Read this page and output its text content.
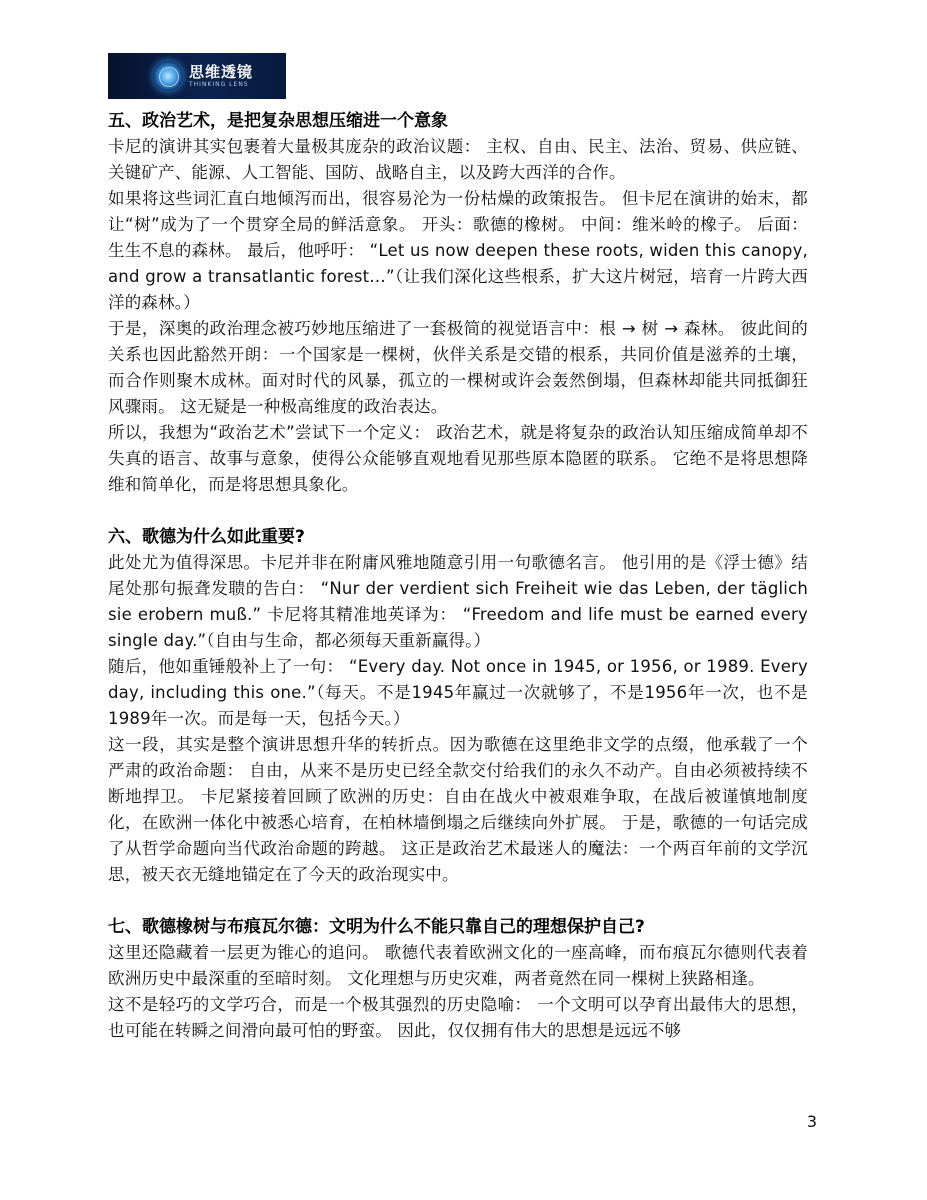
思维透镜
THINKING LENS

五、政治艺术，是把复杂思想压缩进一个意象

卡尼的演讲其实包裹着大量极其庞杂的政治议题： 主权、自由、民主、法治、贸易、供应链、关键矿产、能源、人工智能、国防、战略自主，以及跨大西洋的合作。

如果将这些词汇直白地倾泻而出，很容易沦为一份枯燥的政策报告。 但卡尼在演讲的始末，都让“树”成为了一个贯穿全局的鲜活意象。 开头：歌德的橡树。 中间：维米岭的橡子。 后面：生生不息的森林。 最后，他呼吁： “Let us now deepen these roots, widen this canopy, and grow a transatlantic forest…”（让我们深化这些根系，扩大这片树冠，培育一片跨大西洋的森林。）

于是，深奥的政治理念被巧妙地压缩进了一套极简的视觉语言中：根 → 树 → 森林。 彼此间的关系也因此豁然开朗：一个国家是一棵树，伙伴关系是交错的根系，共同价值是滋养的土壤，而合作则聚木成林。面对时代的风暴，孤立的一棵树或许会轰然倒塌，但森林却能共同抵御狂风骤雨。 这无疑是一种极高维度的政治表达。

所以，我想为“政治艺术”尝试下一个定义： 政治艺术，就是将复杂的政治认知压缩成简单却不失真的语言、故事与意象，使得公众能够直观地看见那些原本隐匿的联系。 它绝不是将思想降维和简单化，而是将思想具象化。

六、歌德为什么如此重要?

此处尤为值得深思。卡尼并非在附庸风雅地随意引用一句歌德名言。 他引用的是《浮士德》结尾处那句振聋发聩的告白： “Nur der verdient sich Freiheit wie das Leben, der täglich sie erobern muß.” 卡尼将其精准地英译为： “Freedom and life must be earned every single day.”（自由与生命，都必须每天重新赢得。）

随后，他如重锤般补上了一句： “Every day. Not once in 1945, or 1956, or 1989. Every day, including this one.”（每天。不是1945年赢过一次就够了，不是1956年一次，也不是1989年一次。而是每一天，包括今天。）

这一段，其实是整个演讲思想升华的转折点。因为歌德在这里绝非文学的点缀，他承载了一个严肃的政治命题： 自由，从来不是历史已经全款交付给我们的永久不动产。自由必须被持续不断地捍卫。 卡尼紧接着回顾了欧洲的历史：自由在战火中被艰难争取，在战后被谨慎地制度化，在欧洲一体化中被悉心培育，在柏林墙倒塌之后继续向外扩展。 于是，歌德的一句话完成了从哲学命题向当代政治命题的跨越。 这正是政治艺术最迷人的魔法：一个两百年前的文学沉思，被天衣无缝地锚定在了今天的政治现实中。

七、歌德橡树与布痕瓦尔德：文明为什么不能只靠自己的理想保护自己?

这里还隐藏着一层更为锥心的追问。 歌德代表着欧洲文化的一座高峰，而布痕瓦尔德则代表着欧洲历史中最深重的至暗时刻。 文化理想与历史灾难，两者竟然在同一棵树上狭路相逢。

这不是轻巧的文学巧合，而是一个极其强烈的历史隐喻： 一个文明可以孕育出最伟大的思想，也可能在转瞬之间滑向最可怕的野蛮。 因此，仅仅拥有伟大的思想是远远不够

3
